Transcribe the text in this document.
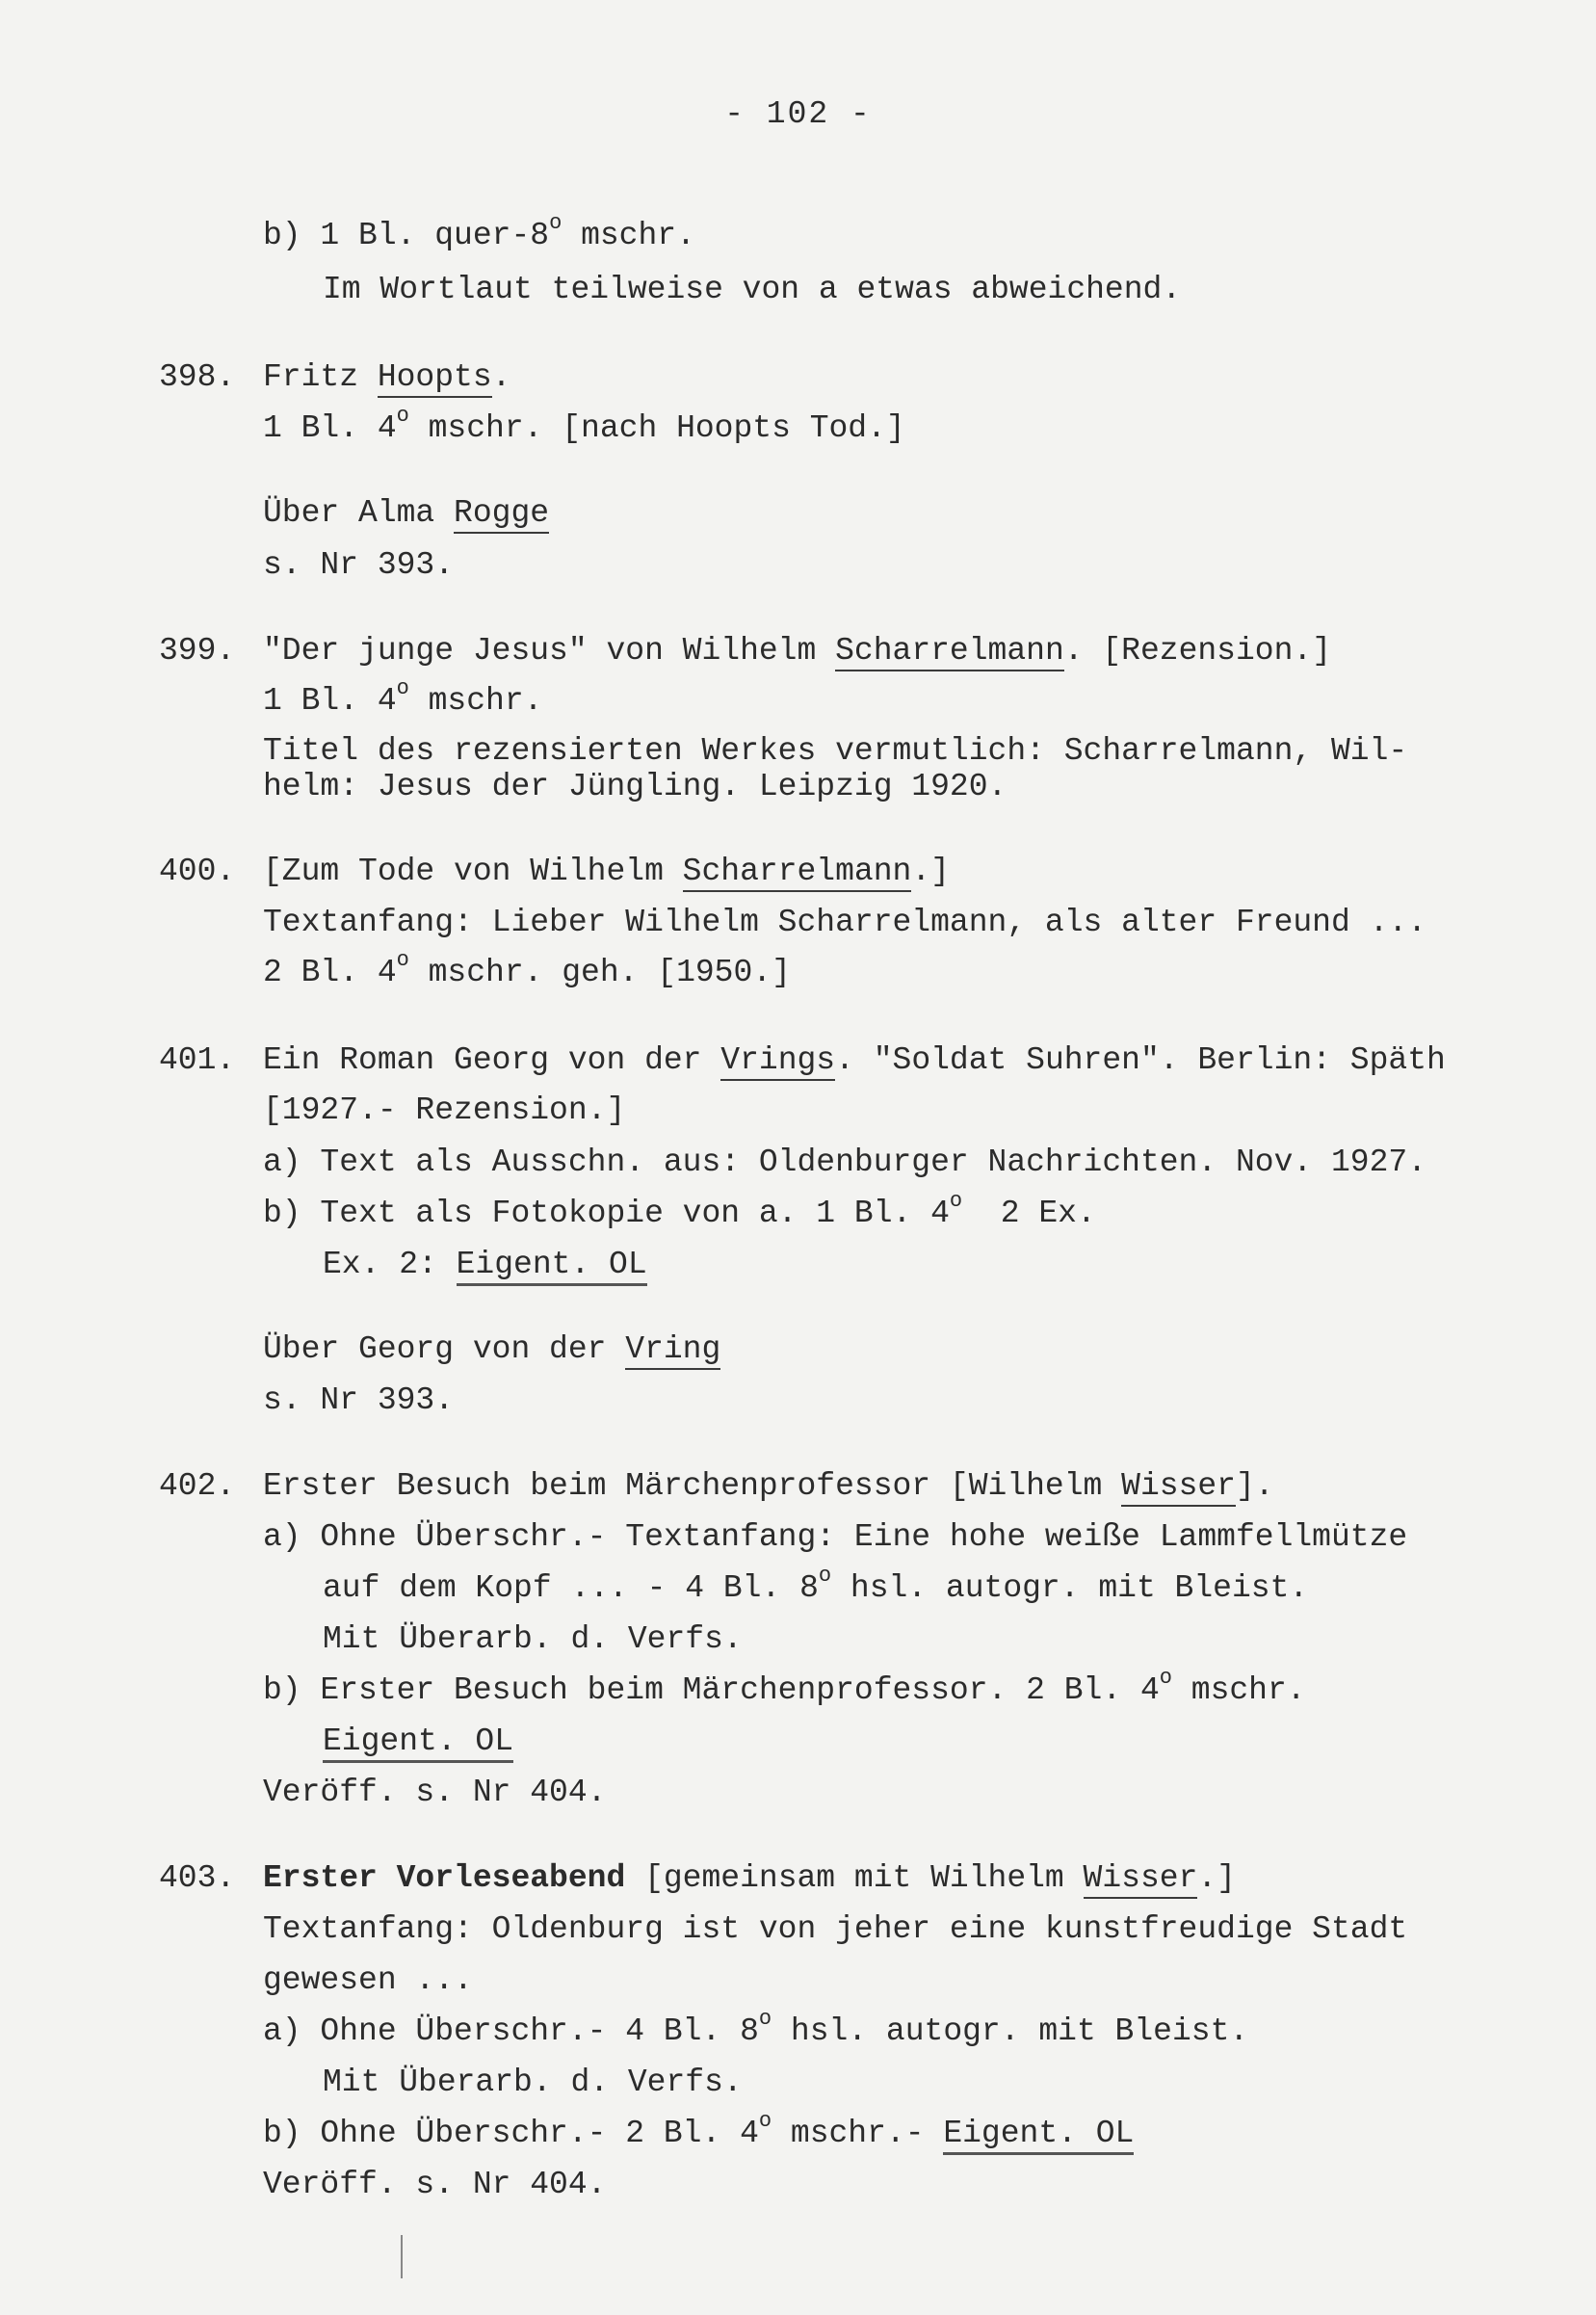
- 102 -
b) 1 Bl. quer-8$^o$ mschr.
Im Wortlaut teilweise von a etwas abweichend.
398. Fritz Hoopts.
1 Bl. 4$^o$ mschr. [nach Hoopts Tod.]
Über Alma Rogge
s. Nr 393.
399. "Der junge Jesus" von Wilhelm Scharrelmann. [Rezension.]
1 Bl. 4$^o$ mschr.
Titel des rezensierten Werkes vermutlich: Scharrelmann, Wil-
helm: Jesus der Jüngling. Leipzig 1920.
400. [Zum Tode von Wilhelm Scharrelmann.]
Textanfang: Lieber Wilhelm Scharrelmann, als alter Freund ...
2 Bl. 4$^o$ mschr. geh. [1950.]
401. Ein Roman Georg von der Vrings. "Soldat Suhren". Berlin: Späth
[1927.- Rezension.]
a) Text als Ausschn. aus: Oldenburger Nachrichten. Nov. 1927.
b) Text als Fotokopie von a. 1 Bl. 4$^o$  2 Ex.
Ex. 2: Eigent. OL
Über Georg von der Vring
s. Nr 393.
402. Erster Besuch beim Märchenprofessor [Wilhelm Wisser].
a) Ohne Überschr.- Textanfang: Eine hohe weiße Lammfellmütze
auf dem Kopf ... - 4 Bl. 8$^o$ hsl. autogr. mit Bleist.
Mit Überarb. d. Verfs.
b) Erster Besuch beim Märchenprofessor. 2 Bl. 4$^o$ mschr.
Eigent. OL
Veröff. s. Nr 404.
403. Erster Vorleseabend [gemeinsam mit Wilhelm Wisser.]
Textanfang: Oldenburg ist von jeher eine kunstfreudige Stadt
gewesen ...
a) Ohne Überschr.- 4 Bl. 8$^o$ hsl. autogr. mit Bleist.
Mit Überarb. d. Verfs.
b) Ohne Überschr.- 2 Bl. 4$^o$ mschr.- Eigent. OL
Veröff. s. Nr 404.
